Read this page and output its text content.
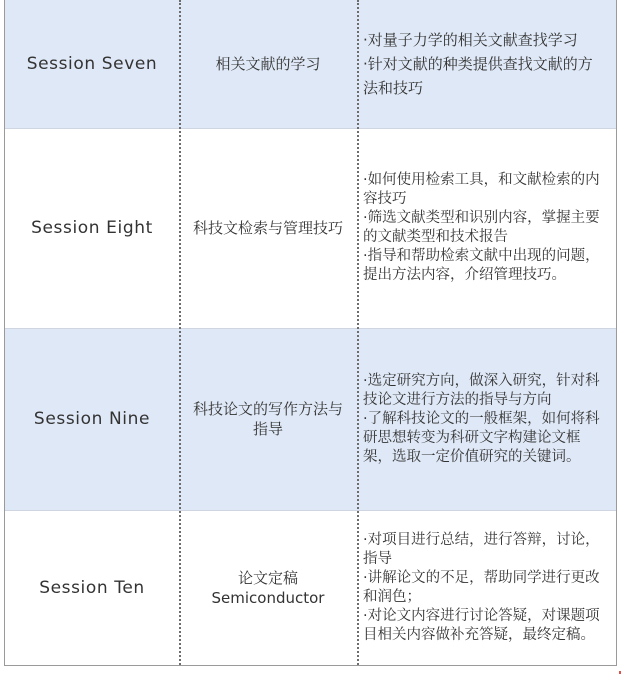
Session Seven	相关文献的学习
·对量子力学的相关文献查找学习
·针对文献的种类提供查找文献的方法和技巧
Session Eight	科技文检索与管理技巧
·如何使用检索工具，和文献检索的内容技巧
·筛选文献类型和识别内容，掌握主要的文献类型和技术报告
·指导和帮助检索文献中出现的问题，提出方法内容，介绍管理技巧。
Session Nine	科技论文的写作方法与指导
·选定研究方向，做深入研究，针对科技论文进行方法的指导与方向
·了解科技论文的一般框架，如何将科研思想转变为科研文字构建论文框架，选取一定价值研究的关键词。
Session Ten	论文定稿 Semiconductor
·对项目进行总结，进行答辩，讨论，指导
·讲解论文的不足，帮助同学进行更改和润色；
·对论文内容进行讨论答疑，对课题项目相关内容做补充答疑，最终定稿。
